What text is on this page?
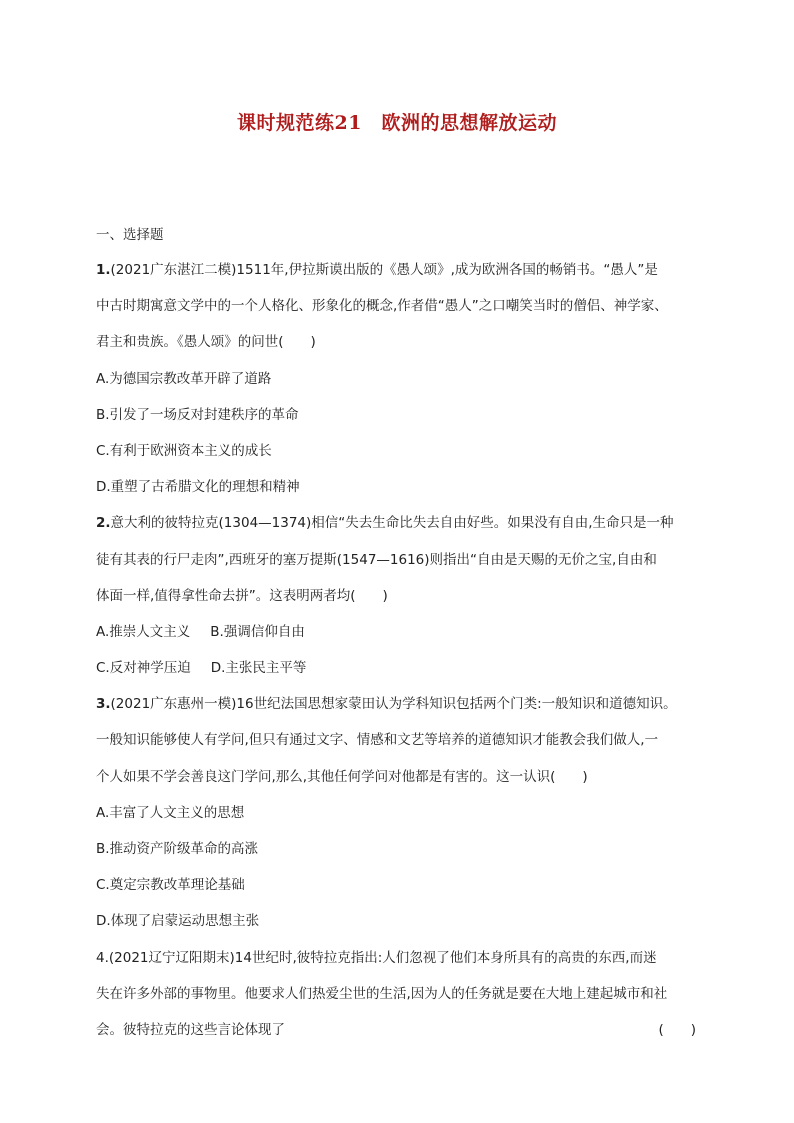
课时规范练21　欧洲的思想解放运动
一、选择题
1.(2021广东湛江二模)1511年,伊拉斯谟出版的《愚人颂》,成为欧洲各国的畅销书。“愚人”是
中古时期寓意文学中的一个人格化、形象化的概念,作者借“愚人”之口嘲笑当时的僧侣、神学家、
君主和贵族。《愚人颂》的问世(　　)
A.为德国宗教改革开辟了道路
B.引发了一场反对封建秩序的革命
C.有利于欧洲资本主义的成长
D.重塑了古希腊文化的理想和精神
2.意大利的彼特拉克(1304—1374)相信“失去生命比失去自由好些。如果没有自由,生命只是一种
徒有其表的行尸走肉”,西班牙的塞万提斯(1547—1616)则指出“自由是天赐的无价之宝,自由和
体面一样,值得拿性命去拼”。这表明两者均(　　)
A.推崇人文主义 B.强调信仰自由
C.反对神学压迫 D.主张民主平等
3.(2021广东惠州一模)16世纪法国思想家蒙田认为学科知识包括两个门类:一般知识和道德知识。
一般知识能够使人有学问,但只有通过文字、情感和文艺等培养的道德知识才能教会我们做人,一
个人如果不学会善良这门学问,那么,其他任何学问对他都是有害的。这一认识(　　)
A.丰富了人文主义的思想
B.推动资产阶级革命的高涨
C.奠定宗教改革理论基础
D.体现了启蒙运动思想主张
4.(2021辽宁辽阳期末)14世纪时,彼特拉克指出:人们忽视了他们本身所具有的高贵的东西,而迷
失在许多外部的事物里。他要求人们热爱尘世的生活,因为人的任务就是要在大地上建起城市和社
会。彼特拉克的这些言论体现了	(　　)
